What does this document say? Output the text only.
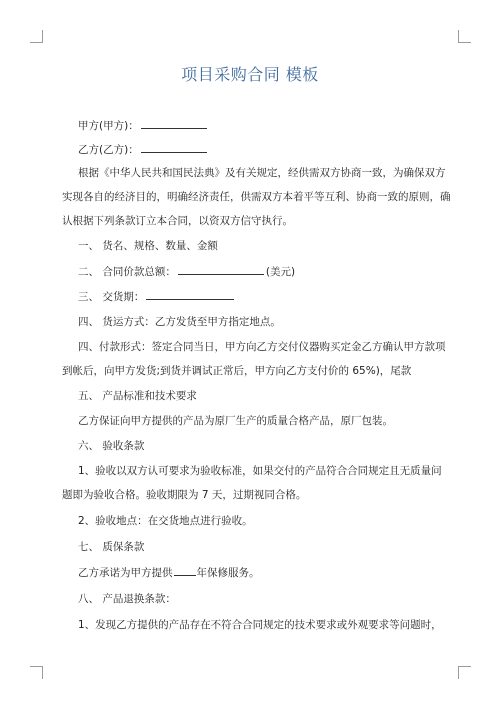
项目采购合同 模板
甲方(甲方)：
乙方(乙方)：
根据《中华人民共和国民法典》及有关规定，经供需双方协商一致，为确保双方
实现各自的经济目的，明确经济责任，供需双方本着平等互利、协商一致的原则，确
认根据下列条款订立本合同，以资双方信守执行。
一、 货名、规格、数量、金额
二、 合同价款总额：	(美元)
三、 交货期：
四、 货运方式：乙方发货至甲方指定地点。
四、付款形式：签定合同当日，甲方向乙方交付仪器购买定金乙方确认甲方款项
到帐后，向甲方发货;到货并调试正常后，甲方向乙方支付价的 65%)，尾款
五、 产品标准和技术要求
乙方保证向甲方提供的产品为原厂生产的质量合格产品，原厂包装。
六、 验收条款
1、验收以双方认可要求为验收标准，如果交付的产品符合合同规定且无质量问
题即为验收合格。验收期限为 7 天，过期视同合格。
2、验收地点：在交货地点进行验收。
七、 质保条款
乙方承诺为甲方提供 年保修服务。
八、 产品退换条款：
1、发现乙方提供的产品存在不符合合同规定的技术要求或外观要求等问题时，
